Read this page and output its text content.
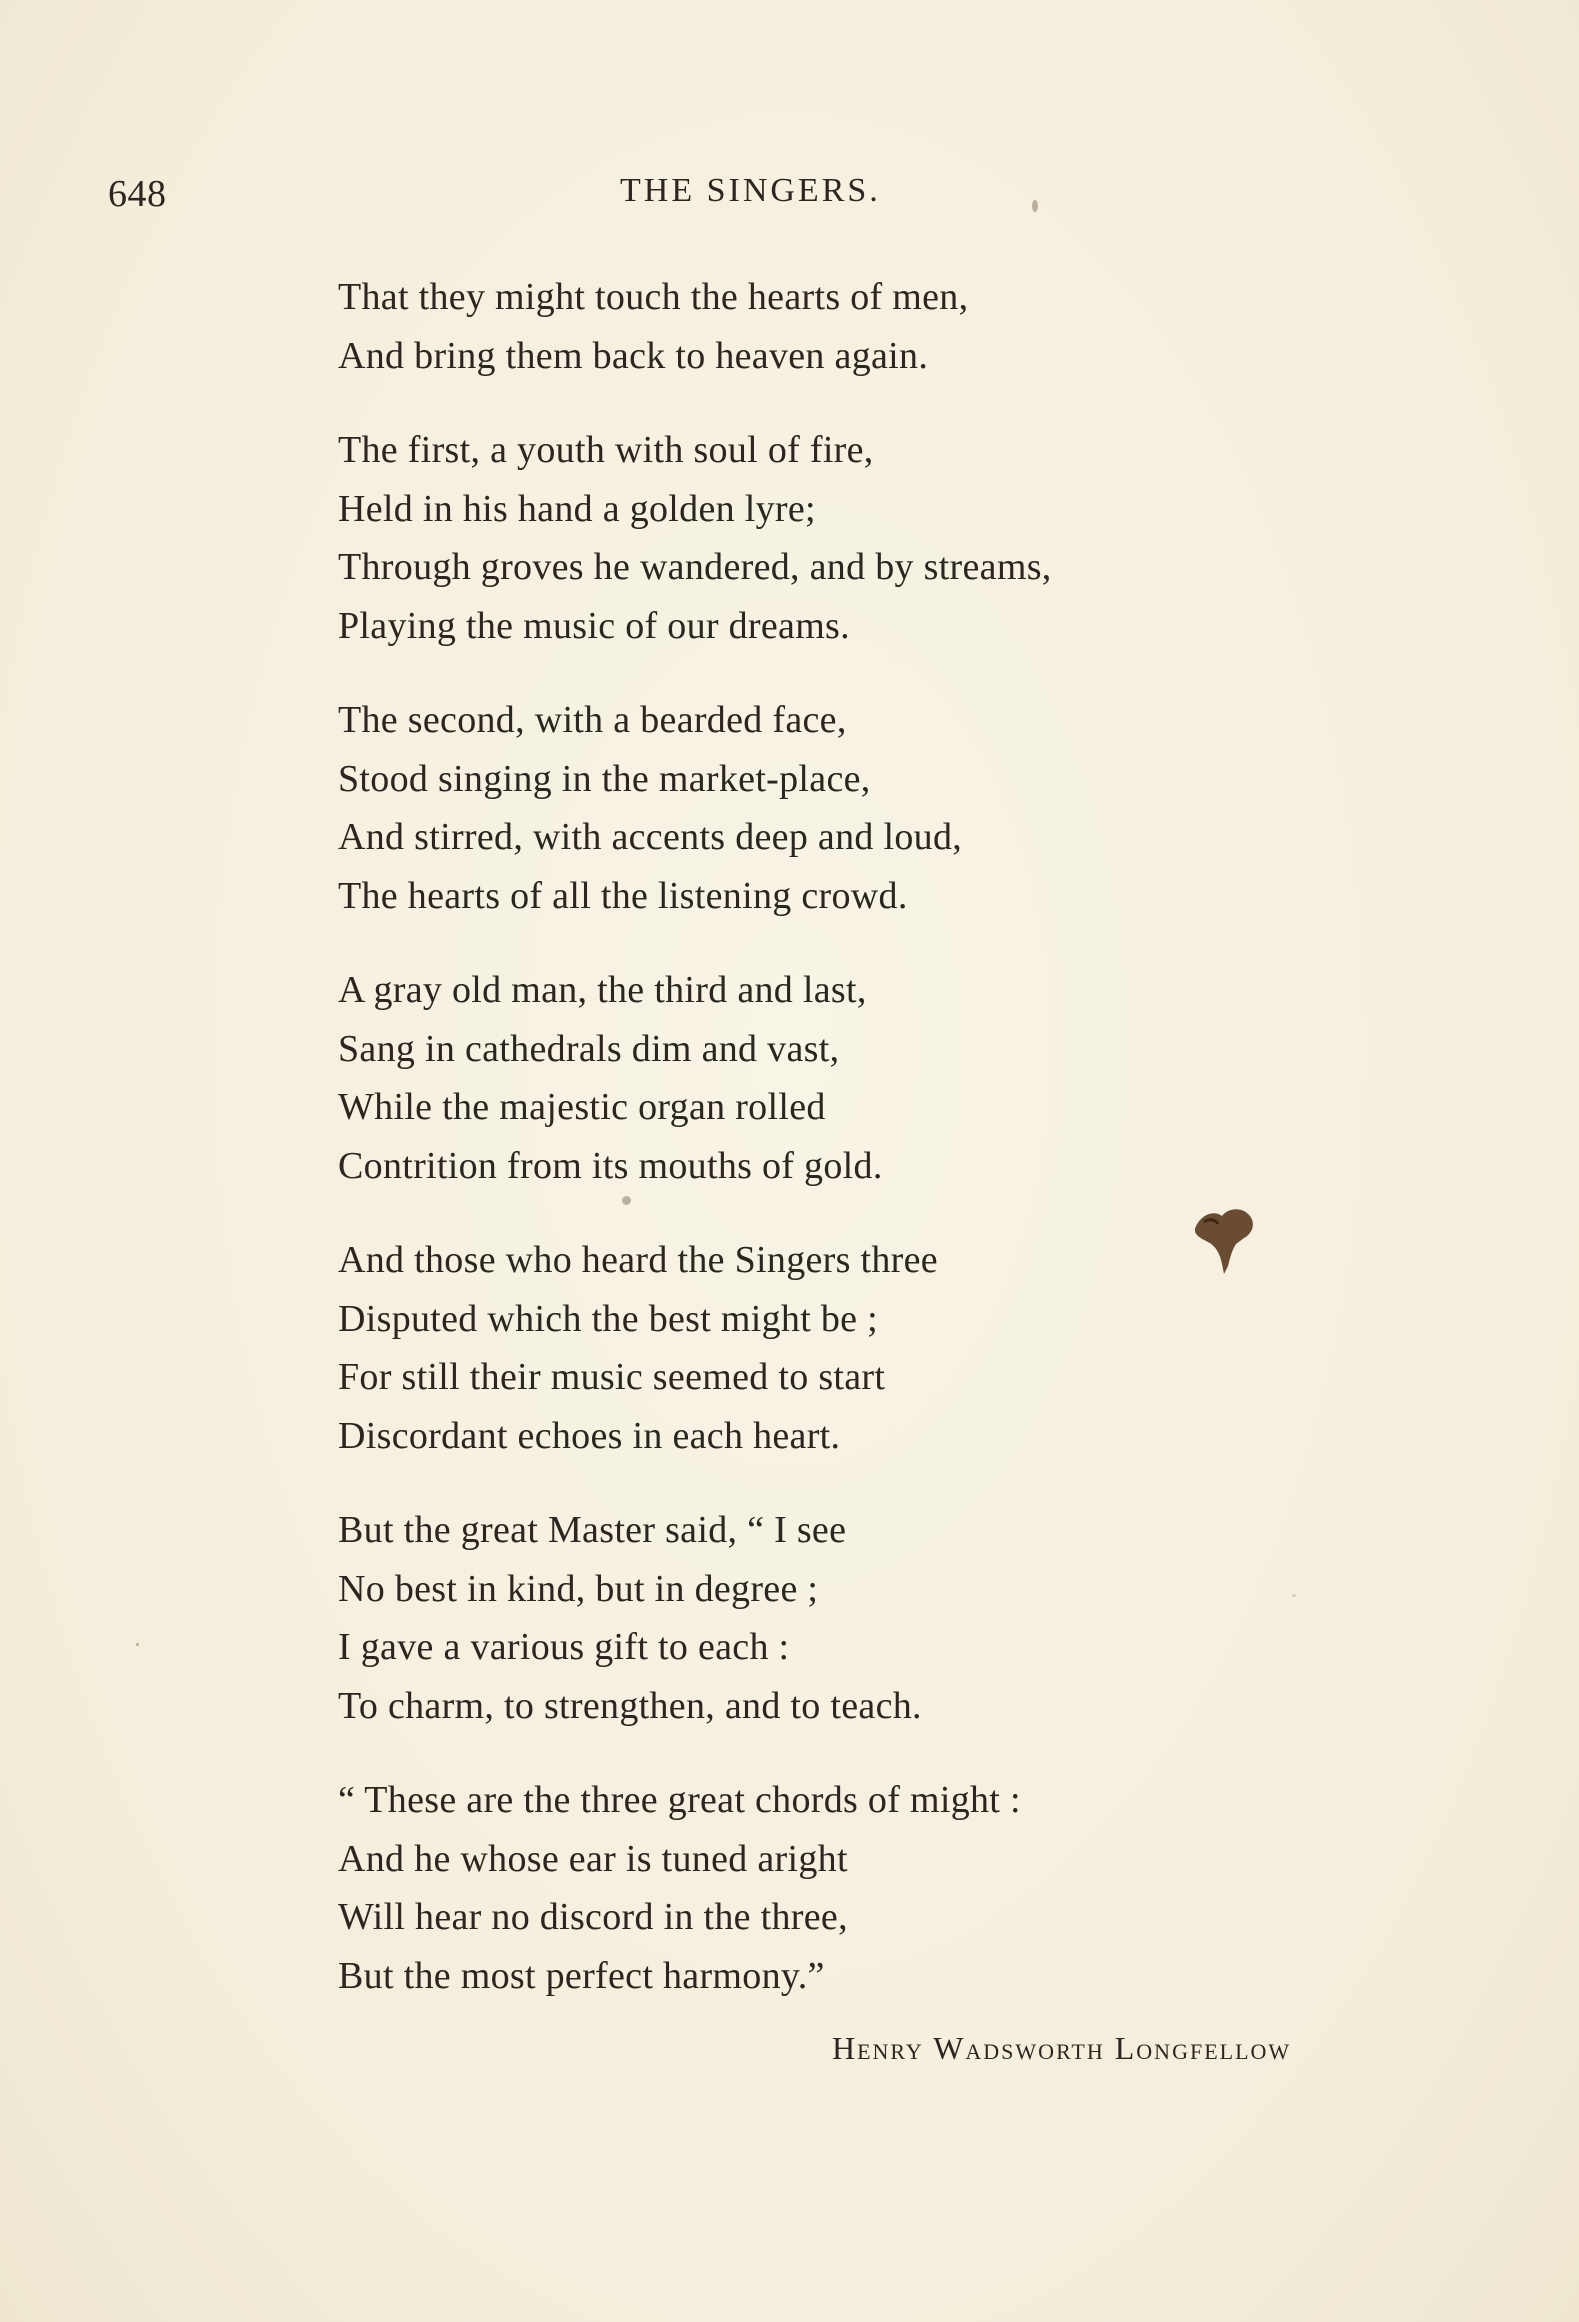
648	THE SINGERS.
That they might touch the hearts of men,
And bring them back to heaven again.
The first, a youth with soul of fire,
Held in his hand a golden lyre;
Through groves he wandered, and by streams,
Playing the music of our dreams.
The second, with a bearded face,
Stood singing in the market-place,
And stirred, with accents deep and loud,
The hearts of all the listening crowd.
A gray old man, the third and last,
Sang in cathedrals dim and vast,
While the majestic organ rolled
Contrition from its mouths of gold.
And those who heard the Singers three
Disputed which the best might be ;
For still their music seemed to start
Discordant echoes in each heart.
But the great Master said, “ I see
No best in kind, but in degree ;
I gave a various gift to each :
To charm, to strengthen, and to teach.
“ These are the three great chords of might :
And he whose ear is tuned aright
Will hear no discord in the three,
But the most perfect harmony.”
Henry Wadsworth Longfellow
